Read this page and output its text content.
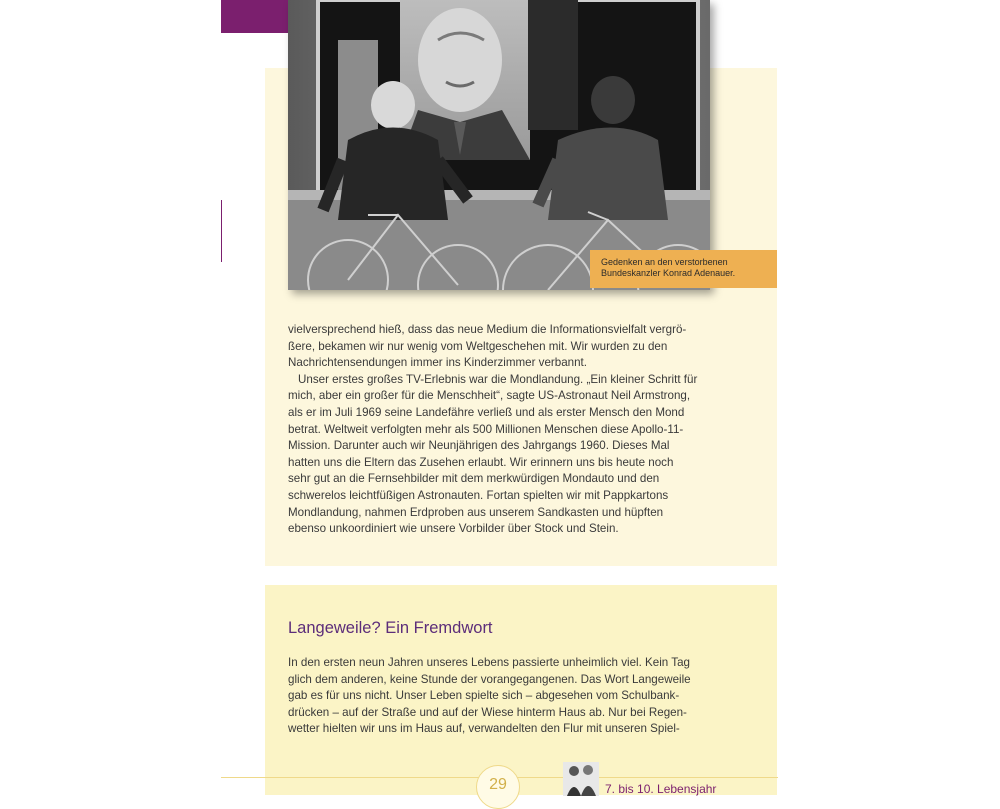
Gedenken an den verstorbenen
Bundeskanzler Konrad Adenauer.
vielversprechend hieß, dass das neue Medium die Informationsvielfalt vergrö-
ßere, bekamen wir nur wenig vom Weltgeschehen mit. Wir wurden zu den
Nachrichtensendungen immer ins Kinderzimmer verbannt.
Unser erstes großes TV-Erlebnis war die Mondlandung. „Ein kleiner Schritt für
mich, aber ein großer für die Menschheit“, sagte US-Astronaut Neil Armstrong,
als er im Juli 1969 seine Landefähre verließ und als erster Mensch den Mond
betrat. Weltweit verfolgten mehr als 500 Millionen Menschen diese Apollo-11-
Mission. Darunter auch wir Neunjährigen des Jahrgangs 1960. Dieses Mal
hatten uns die Eltern das Zusehen erlaubt. Wir erinnern uns bis heute noch
sehr gut an die Fernsehbilder mit dem merkwürdigen Mondauto und den
schwerelos leichtfüßigen Astronauten. Fortan spielten wir mit Pappkartons
Mondlandung, nahmen Erdproben aus unserem Sandkasten und hüpften
ebenso unkoordiniert wie unsere Vorbilder über Stock und Stein.
Langeweile? Ein Fremdwort
In den ersten neun Jahren unseres Lebens passierte unheimlich viel. Kein Tag
glich dem anderen, keine Stunde der vorangegangenen. Das Wort Langeweile
gab es für uns nicht. Unser Leben spielte sich – abgesehen vom Schulbank-
drücken – auf der Straße und auf der Wiese hinterm Haus ab. Nur bei Regen-
wetter hielten wir uns im Haus auf, verwandelten den Flur mit unseren Spiel-
29	7. bis 10. Lebensjahr
